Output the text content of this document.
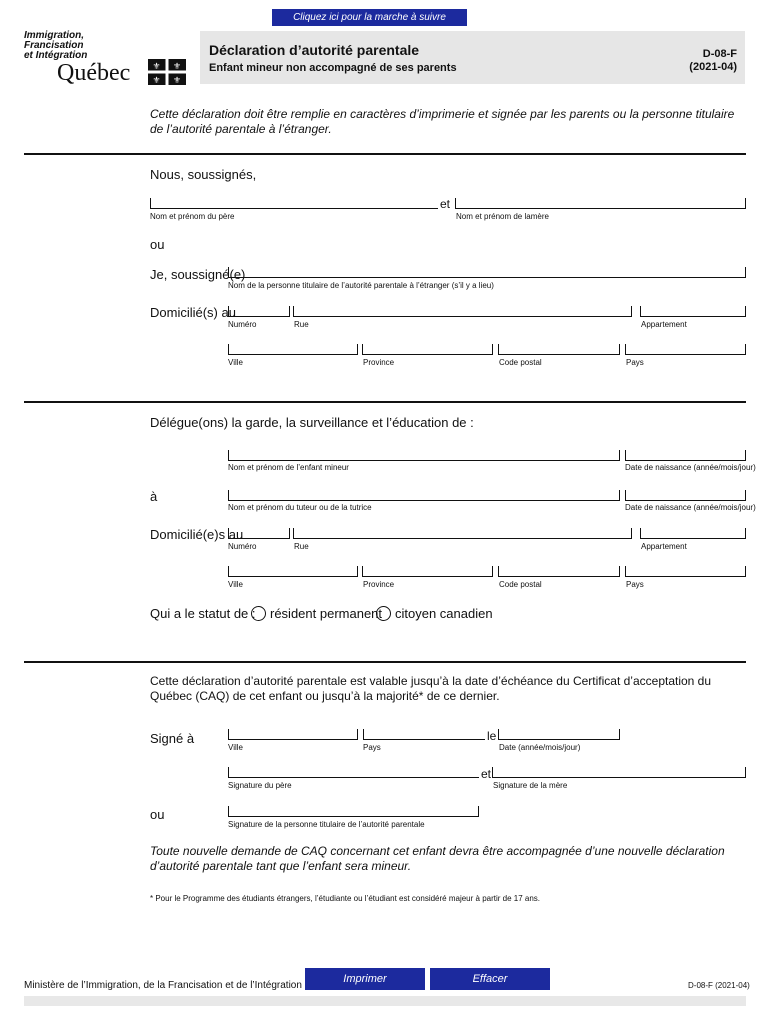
Cliquez ici pour la marche à suivre
Immigration,
Francisation
et Intégration
Québec ⚜ ⚜
⚜ ⚜
Déclaration d’autorité parentale
Enfant mineur non accompagné de ses parents
D-08-F
(2021-04)
Cette déclaration doit être remplie en caractères d’imprimerie et signée par les parents ou la personne titulaire de l’autorité parentale à l’étranger.
Nous, soussignés,
et
Nom et prénom du père	Nom et prénom de lamère
ou
Je, soussigné(e)
Nom de la personne titulaire de l’autorité parentale à l’étranger (s’il y a lieu)
Domicilié(s) au
Numéro	Rue	Appartement
Ville	Province	Code postal	Pays
Délégue(ons) la garde, la surveillance et l’éducation de :
Nom et prénom de l’enfant mineur	Date de naissance (année/mois/jour)
à
Nom et prénom du tuteur ou de la tutrice	Date de naissance (année/mois/jour)
Domicilié(e)s au
Numéro	Rue	Appartement
Ville	Province	Code postal	Pays
Qui a le statut de : résident permanent citoyen canadien
Cette déclaration d’autorité parentale est valable jusqu’à la date d’échéance du Certificat d’acceptation du Québec (CAQ) de cet enfant ou jusqu’à la majorité* de ce dernier.
Signé à	le
Ville	Pays	Date (année/mois/jour)
et
Signature du père	Signature de la mère
ou
Signature de la personne titulaire de l’autorité parentale
Toute nouvelle demande de CAQ concernant cet enfant devra être accompagnée d’une nouvelle déclaration d’autorité parentale tant que l’enfant sera mineur.
* Pour le Programme des étudiants étrangers, l’étudiante ou l’étudiant est considéré majeur à partir de 17 ans.
Ministère de l’Immigration, de la Francisation et de l’Intégration
Imprimer	Effacer
D-08-F (2021-04)
